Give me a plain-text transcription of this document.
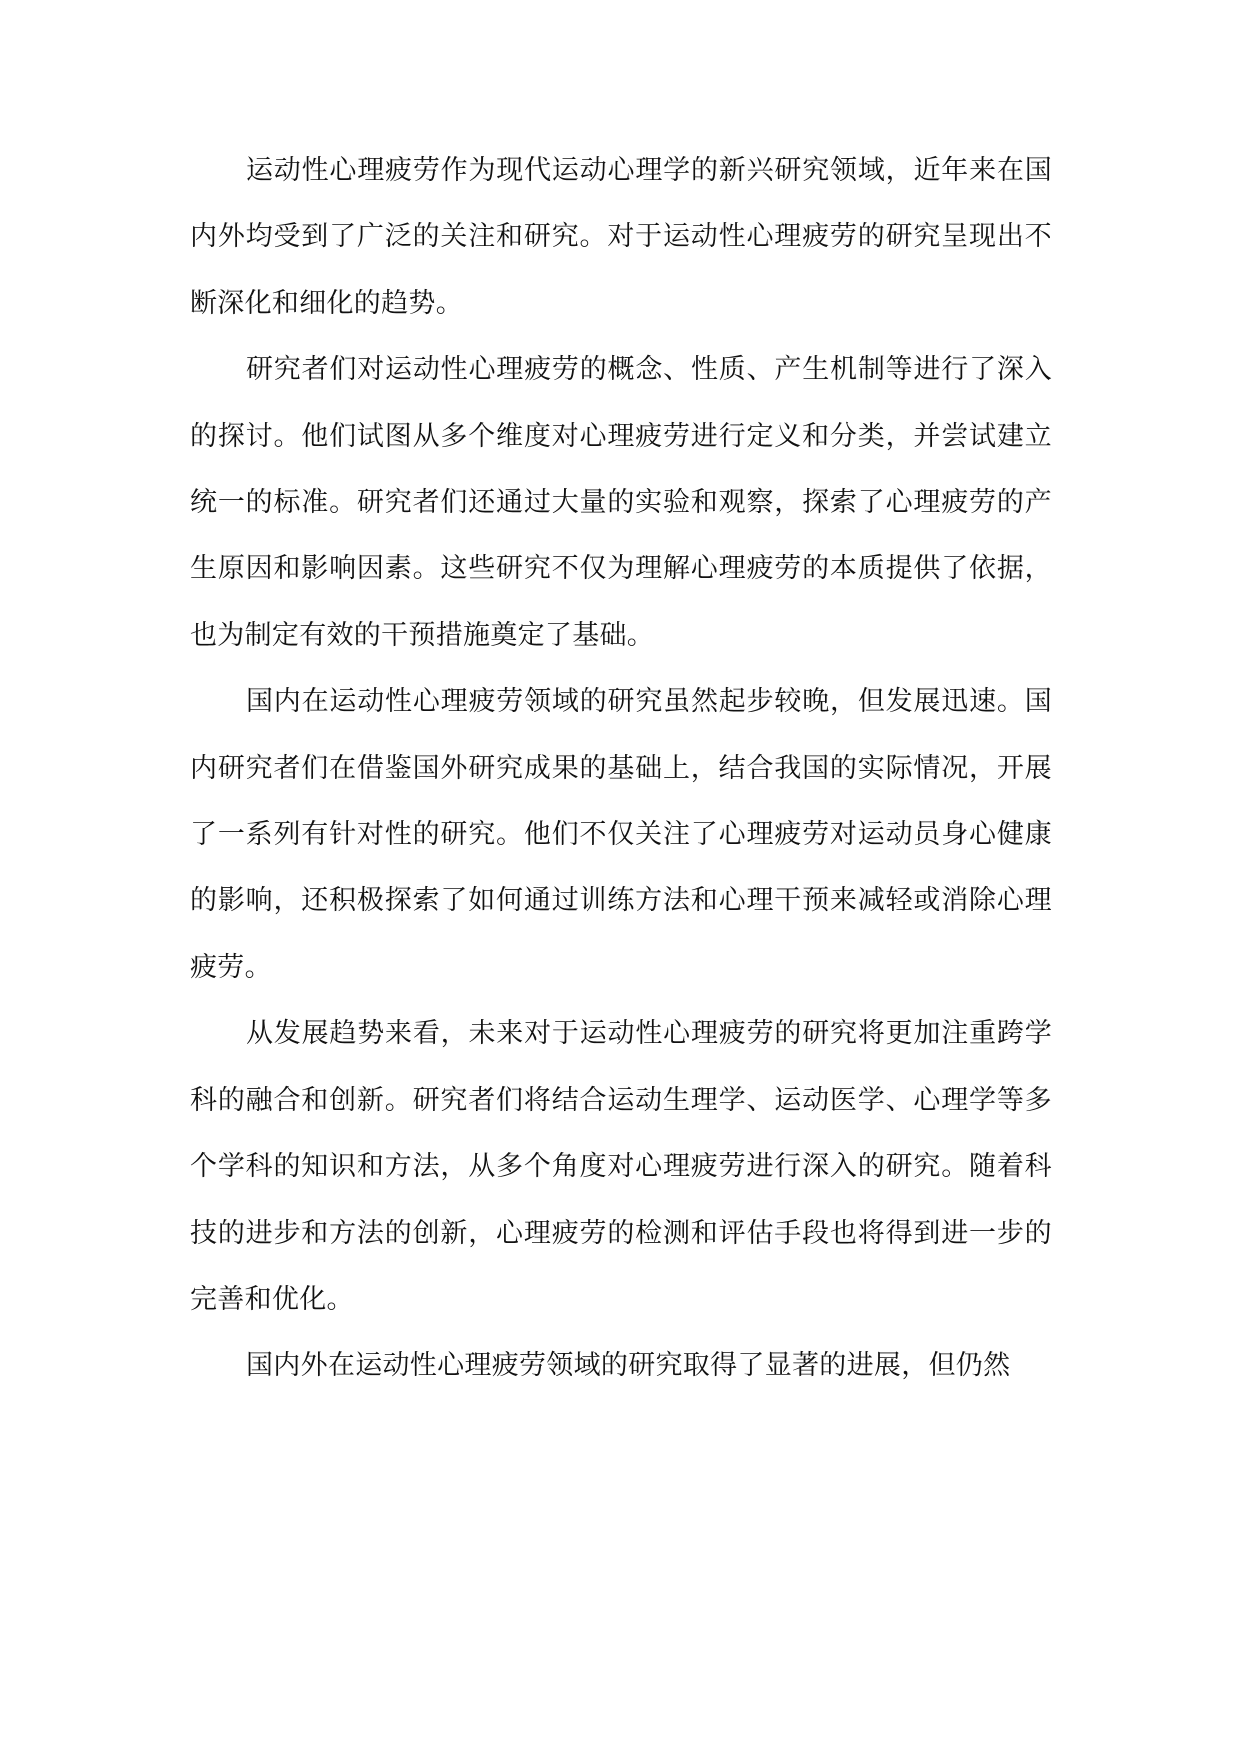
运动性心理疲劳作为现代运动心理学的新兴研究领域，近年来在国内外均受到了广泛的关注和研究。对于运动性心理疲劳的研究呈现出不断深化和细化的趋势。

研究者们对运动性心理疲劳的概念、性质、产生机制等进行了深入的探讨。他们试图从多个维度对心理疲劳进行定义和分类，并尝试建立统一的标准。研究者们还通过大量的实验和观察，探索了心理疲劳的产生原因和影响因素。这些研究不仅为理解心理疲劳的本质提供了依据，也为制定有效的干预措施奠定了基础。

国内在运动性心理疲劳领域的研究虽然起步较晚，但发展迅速。国内研究者们在借鉴国外研究成果的基础上，结合我国的实际情况，开展了一系列有针对性的研究。他们不仅关注了心理疲劳对运动员身心健康的影响，还积极探索了如何通过训练方法和心理干预来减轻或消除心理疲劳。

从发展趋势来看，未来对于运动性心理疲劳的研究将更加注重跨学科的融合和创新。研究者们将结合运动生理学、运动医学、心理学等多个学科的知识和方法，从多个角度对心理疲劳进行深入的研究。随着科技的进步和方法的创新，心理疲劳的检测和评估手段也将得到进一步的完善和优化。

国内外在运动性心理疲劳领域的研究取得了显著的进展，但仍然
